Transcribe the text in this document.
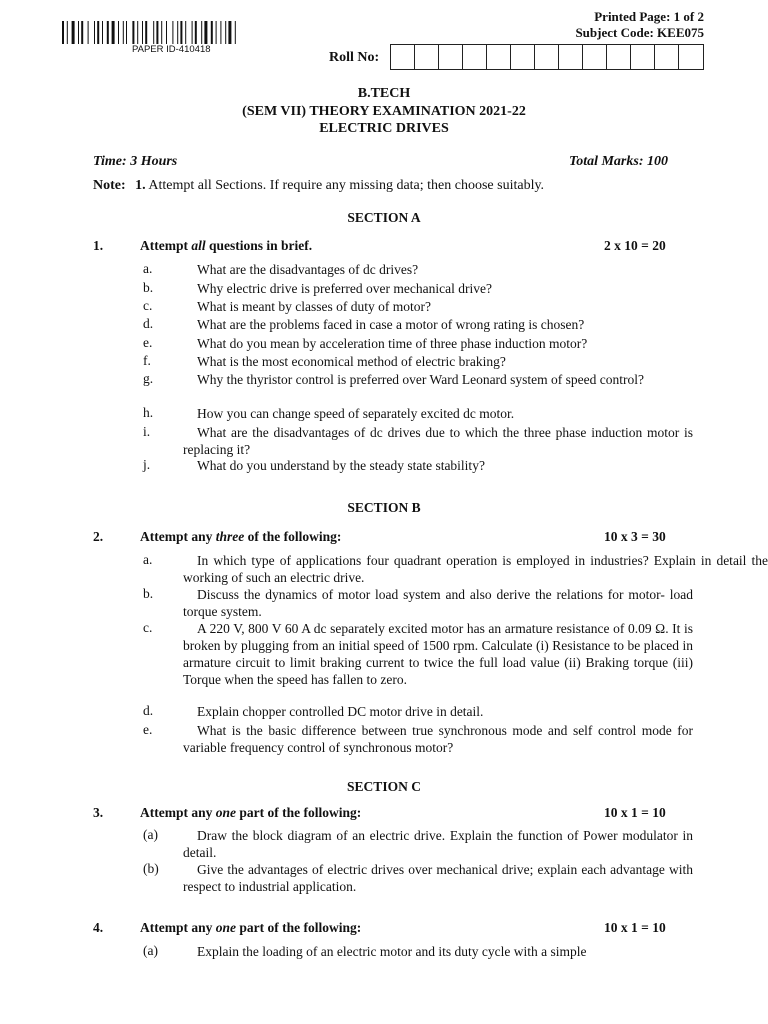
PAPER ID-410418
Printed Page: 1 of 2
Subject Code: KEE075
Roll No:
B.TECH
(SEM VII) THEORY EXAMINATION 2021-22
ELECTRIC DRIVES
Time: 3 Hours	Total Marks: 100
Note: 1. Attempt all Sections. If require any missing data; then choose suitably.
SECTION A
1.	Attempt all questions in brief.	2 x 10 = 20
a.	What are the disadvantages of dc drives?
b.	Why electric drive is preferred over mechanical drive?
c.	What is meant by classes of duty of motor?
d.	What are the problems faced in case a motor of wrong rating is chosen?
e.	What do you mean by acceleration time of three phase induction motor?
f.	What is the most economical method of electric braking?
g.	Why the thyristor control is preferred over Ward Leonard system of speed control?
h.	How you can change speed of separately excited dc motor.
i.	What are the disadvantages of dc drives due to which the three phase induction motor is replacing it?
j.	What do you understand by the steady state stability?
SECTION B
2.	Attempt any three of the following:	10 x 3 = 30
a.	In which type of applications four quadrant operation is employed in industries? Explain in detail the working of such an electric drive.
b.	Discuss the dynamics of motor load system and also derive the relations for motor- load torque system.
c.	A 220 V, 800 V 60 A dc separately excited motor has an armature resistance of 0.09 Ω. It is broken by plugging from an initial speed of 1500 rpm. Calculate (i) Resistance to be placed in armature circuit to limit braking current to twice the full load value (ii) Braking torque (iii) Torque when the speed has fallen to zero.
d.	Explain chopper controlled DC motor drive in detail.
e.	What is the basic difference between true synchronous mode and self control mode for variable frequency control of synchronous motor?
SECTION C
3.	Attempt any one part of the following:	10 x 1 = 10
(a)	Draw the block diagram of an electric drive. Explain the function of Power modulator in detail.
(b)	Give the advantages of electric drives over mechanical drive; explain each advantage with respect to industrial application.
4.	Attempt any one part of the following:	10 x 1 = 10
(a)	Explain the loading of an electric motor and its duty cycle with a simple
